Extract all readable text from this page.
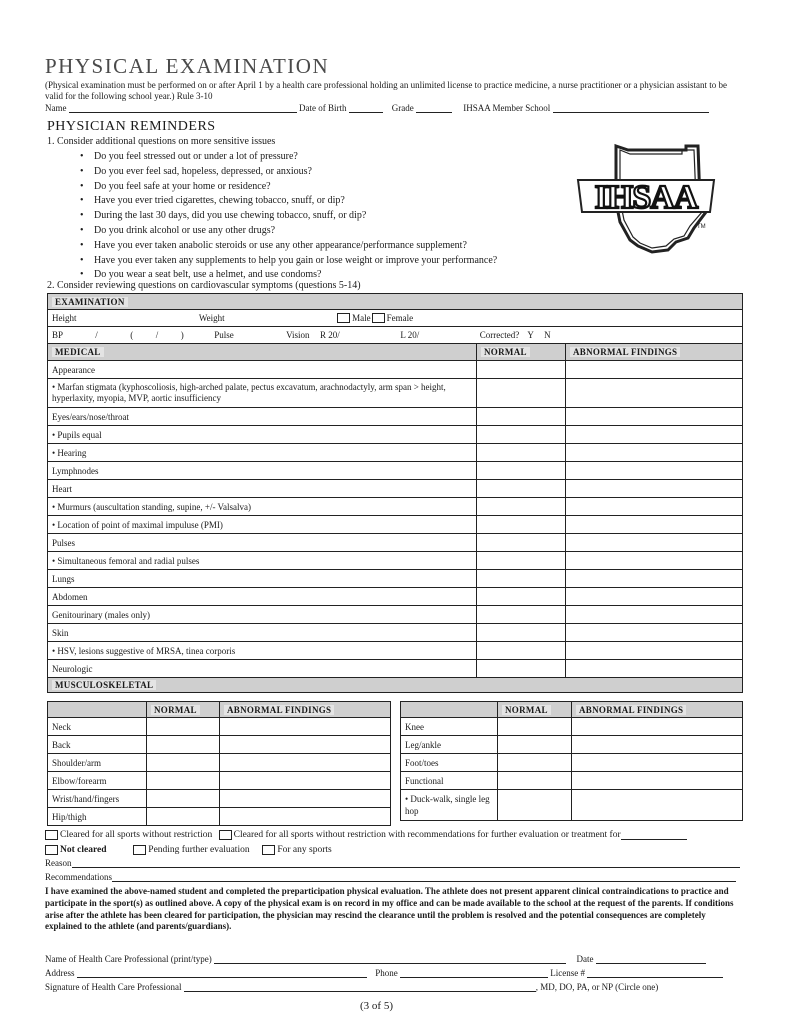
PHYSICAL EXAMINATION
(Physical examination must be performed on or after April 1 by a health care professional holding an unlimited license to practice medicine, a nurse practitioner or a physician assistant to be valid for the following school year.) Rule 3-10
Name	Date of Birth	Grade	IHSAA Member School
PHYSICIAN REMINDERS
1. Consider additional questions on more sensitive issues
• Do you feel stressed out or under a lot of pressure?
• Do you ever feel sad, hopeless, depressed, or anxious?
• Do you feel safe at your home or residence?
• Have you ever tried cigarettes, chewing tobacco, snuff, or dip?
• During the last 30 days, did you use chewing tobacco, snuff, or dip?
• Do you drink alcohol or use any other drugs?
• Have you ever taken anabolic steroids or use any other appearance/performance supplement?
• Have you ever taken any supplements to help you gain or lose weight or improve your performance?
• Do you wear a seat belt, use a helmet, and use condoms?
2. Consider reviewing questions on cardiovascular symptoms (questions 5-14)
IHSAA
TM
EXAMINATION		
Height Weight Male Female		
BP / ( / ) Pulse Vision R 20/ L 20/ Corrected? Y N		
MEDICAL	NORMAL	ABNORMAL FINDINGS
Appearance		
• Marfan stigmata (kyphoscoliosis, high-arched palate, pectus excavatum, arachnodactyly, arm span > height, hyperlaxity, myopia, MVP, aortic insufficiency		
Eyes/ears/nose/throat		
• Pupils equal		
• Hearing		
Lymphnodes		
Heart		
• Murmurs (auscultation standing, supine, +/- Valsalva)		
• Location of point of maximal impuluse (PMI)		
Pulses		
• Simultaneous femoral and radial pulses		
Lungs		
Abdomen		
Genitourinary (males only)		
Skin		
• HSV, lesions suggestive of MRSA, tinea corporis		
Neurologic		
MUSCULOSKELETAL		
	NORMAL	ABNORMAL FINDINGS
Neck		
Back		
Shoulder/arm		
Elbow/forearm		
Wrist/hand/fingers		
Hip/thigh		
	NORMAL	ABNORMAL FINDINGS
Knee		
Leg/ankle		
Foot/toes		
Functional		
• Duck-walk, single leg hop		
Cleared for all sports without restriction Cleared for all sports without restriction with recommendations for further evaluation or treatment for
Not cleared	Pending further evaluation	For any sports
Reason
Recommendations
I have examined the above-named student and completed the preparticipation physical evaluation. The athlete does not present apparent clinical contraindications to practice and participate in the sport(s) as outlined above. A copy of the physical exam is on record in my office and can be made available to the school at the request of the parents. If conditions arise after the athlete has been cleared for participation, the physician may rescind the clearance until the problem is resolved and the potential consequences are completely explained to the athlete (and parents/guardians).
Name of Health Care Professional (print/type)	Date
Address	Phone	License #
Signature of Health Care Professional	, MD, DO, PA, or NP (Circle one)
(3 of 5)
